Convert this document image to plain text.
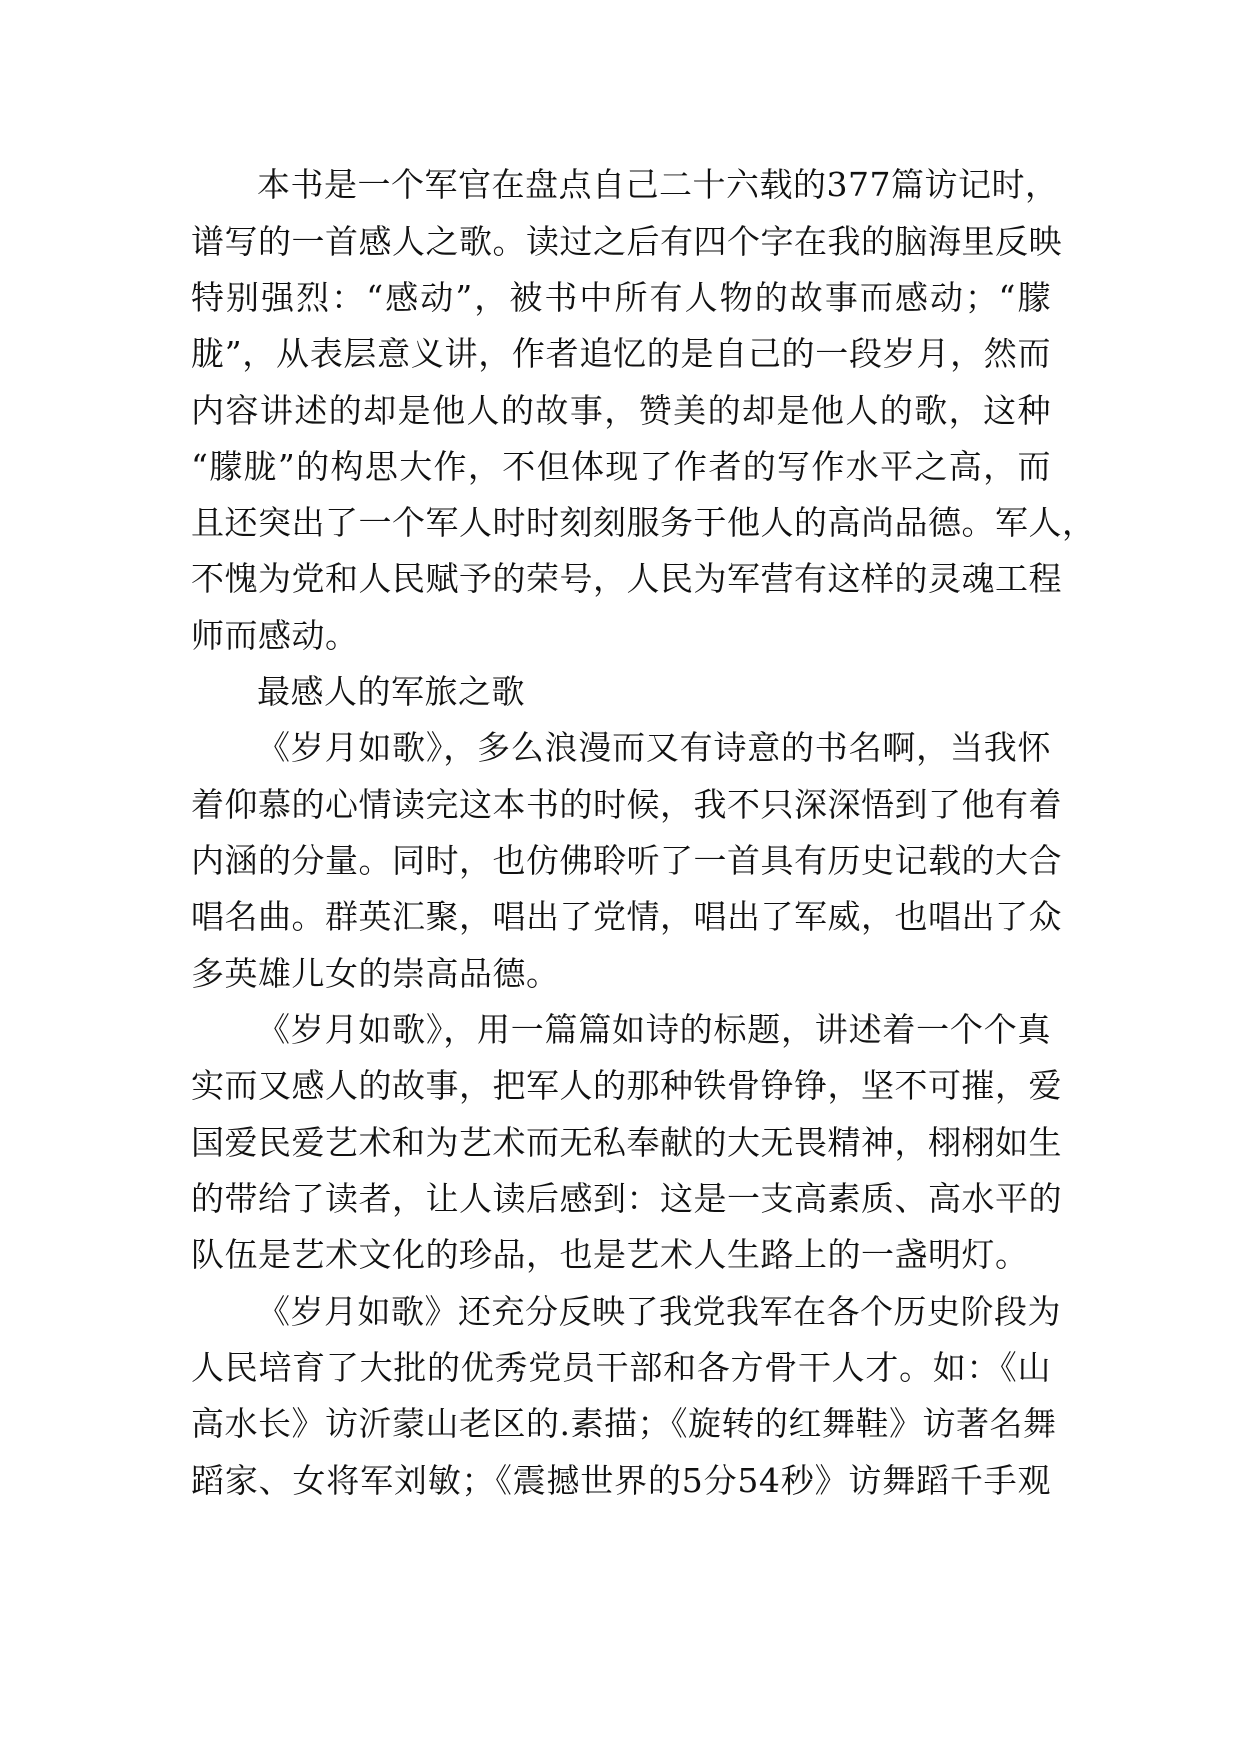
本书是一个军官在盘点自己二十六载的377篇访记时，
谱写的一首感人之歌。读过之后有四个字在我的脑海里反映
特别强烈：“感动”，被书中所有人物的故事而感动；“朦
胧”，从表层意义讲，作者追忆的是自己的一段岁月，然而
内容讲述的却是他人的故事，赞美的却是他人的歌，这种
“朦胧”的构思大作，不但体现了作者的写作水平之高，而
且还突出了一个军人时时刻刻服务于他人的高尚品德。军人，
不愧为党和人民赋予的荣号，人民为军营有这样的灵魂工程
师而感动。
最感人的军旅之歌
《岁月如歌》，多么浪漫而又有诗意的书名啊，当我怀
着仰慕的心情读完这本书的时候，我不只深深悟到了他有着
内涵的分量。同时，也仿佛聆听了一首具有历史记载的大合
唱名曲。群英汇聚，唱出了党情，唱出了军威，也唱出了众
多英雄儿女的崇高品德。
《岁月如歌》，用一篇篇如诗的标题，讲述着一个个真
实而又感人的故事，把军人的那种铁骨铮铮，坚不可摧，爱
国爱民爱艺术和为艺术而无私奉献的大无畏精神，栩栩如生
的带给了读者，让人读后感到：这是一支高素质、高水平的
队伍是艺术文化的珍品，也是艺术人生路上的一盏明灯。
《岁月如歌》还充分反映了我党我军在各个历史阶段为
人民培育了大批的优秀党员干部和各方骨干人才。如：《山
高水长》访沂蒙山老区的.素描；《旋转的红舞鞋》访著名舞
蹈家、女将军刘敏；《震撼世界的5分54秒》访舞蹈千手观
